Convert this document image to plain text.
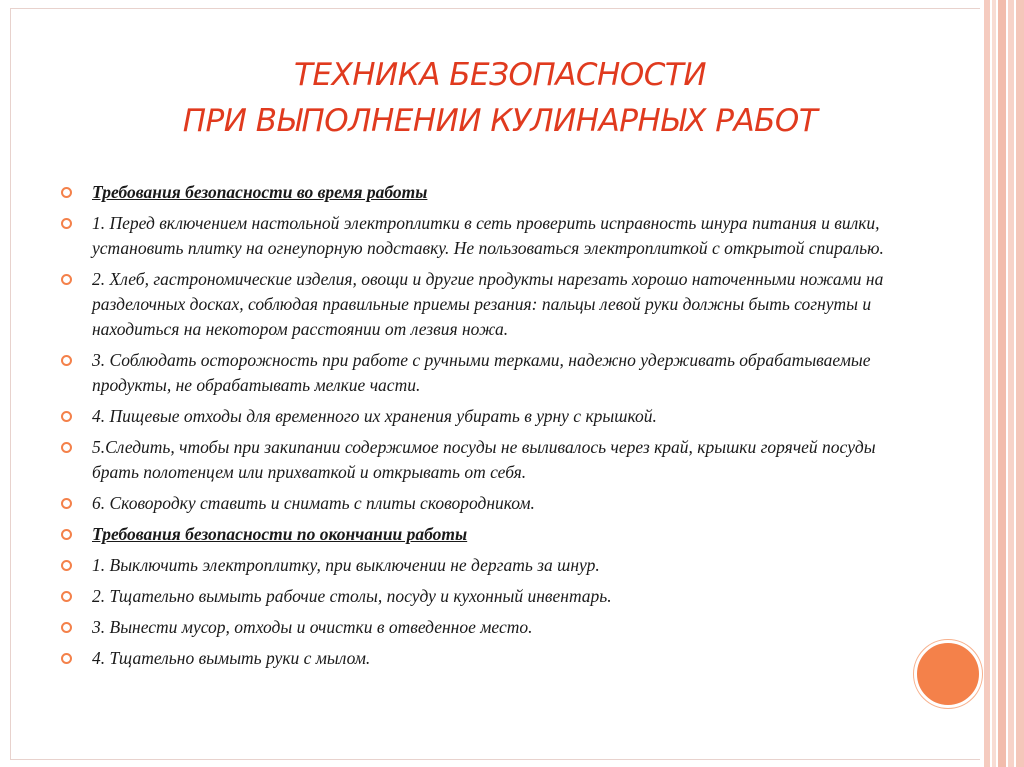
ТЕХНИКА БЕЗОПАСНОСТИ
ПРИ ВЫПОЛНЕНИИ КУЛИНАРНЫХ РАБОТ
Требования безопасности во время работы
1. Перед включением настольной электроплитки в сеть проверить исправность шнура питания и вилки, установить плитку на огнеупорную подставку. Не пользоваться электроплиткой с открытой спиралью.
2. Хлеб, гастрономические изделия, овощи и другие продукты нарезать хорошо наточенными ножами на разделочных досках, соблюдая правильные приемы резания: пальцы левой руки должны быть согнуты и находиться на некотором расстоянии от лезвия ножа.
3. Соблюдать осторожность при работе с ручными терками, надежно удерживать обрабатываемые продукты, не обрабатывать мелкие части.
4. Пищевые отходы для временного их хранения убирать в урну с крышкой.
5.Следить, чтобы при закипании содержимое посуды не выливалось через край, крышки горячей посуды брать полотенцем или прихваткой и открывать от себя.
6. Сковородку ставить и снимать с плиты сковородником.
Требования безопасности по окончании работы
1. Выключить электроплитку, при выключении не дергать за шнур.
2. Тщательно вымыть рабочие столы, посуду и кухонный инвентарь.
3. Вынести мусор, отходы и очистки в отведенное место.
4. Тщательно вымыть руки с мылом.
